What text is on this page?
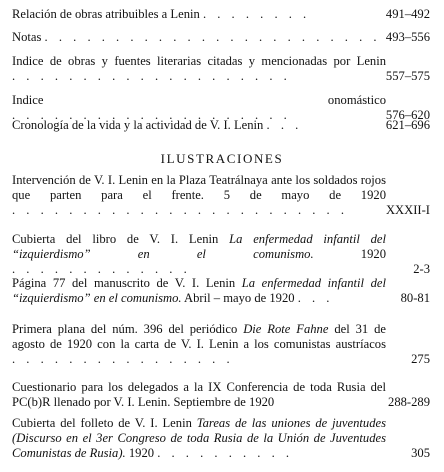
Relación de obras atribuibles a Lenin . . . . . . . .	491–492
Notas . . . . . . . . . . . . . . . . . . . . . . . . 493–556
Indice de obras y fuentes literarias citadas y mencionadas por Lenin . . . . . . . . . . . . . . . . . . . .	557–575
Indice onomástico . . . . . . . . . . . . . . . . . . . .	576–620
Cronología de la vida y la actividad de V. I. Lenin . . .	621–696
ILUSTRACIONES
Intervención de V. I. Lenin en la Plaza Teatrálnaya ante los soldados rojos que parten para el frente. 5 de mayo de 1920 . . . . . . . . . . . . . . . . . . . . . . . .	XXXII-I
Cubierta del libro de V. I. Lenin La enfermedad infantil del “izquierdismo” en el comunismo. 1920 . . . . . . . . . . . . .	2-3
Página 77 del manuscrito de V. I. Lenin La enfermedad infantil del “izquierdismo” en el comunismo. Abril – mayo de 1920 . . .	80-81
Primera plana del núm. 396 del periódico Die Rote Fahne del 31 de agosto de 1920 con la carta de V. I. Lenin a los comunistas austríacos . . . . . . . . . . . . . . . .	275
Cuestionario para los delegados a la IX Conferencia de toda Rusia del PC(b)R llenado por V. I. Lenin. Septiembre de 1920	288-289
Cubierta del folleto de V. I. Lenin Tareas de las uniones de juventudes (Discurso en el 3er Congreso de toda Rusia de la Unión de Juventudes Comunistas de Rusia). 1920 . . . . . . . . . .	305
